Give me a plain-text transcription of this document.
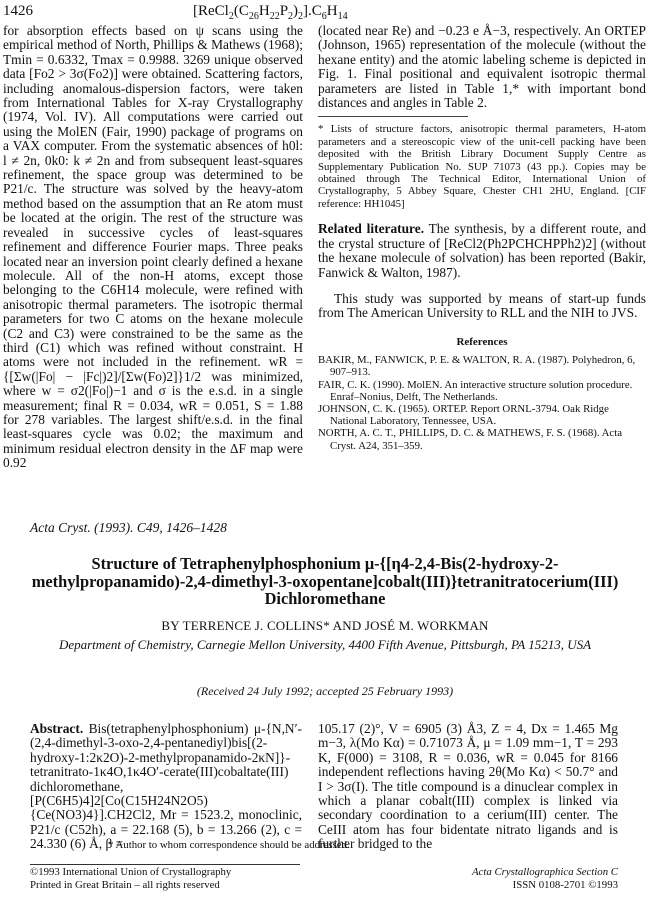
1426	$[ReCl_2(C_{26}H_{22}P_2)_2].C_6H_{14}$

for absorption effects based on ψ scans using the empirical method of North, Phillips & Mathews (1968); Tmin = 0.6332, Tmax = 0.9988. 3269 unique observed data [Fo2 > 3σ(Fo2)] were obtained. Scattering factors, including anomalous-dispersion factors, were taken from International Tables for X-ray Crystallography (1974, Vol. IV). All computations were carried out using the MolEN (Fair, 1990) package of programs on a VAX computer. From the systematic absences of h0l: l ≠ 2n, 0k0: k ≠ 2n and from subsequent least-squares refinement, the space group was determined to be P21/c. The structure was solved by the heavy-atom method based on the assumption that an Re atom must be located at the origin. The rest of the structure was revealed in successive cycles of least-squares refinement and difference Fourier maps. Three peaks located near an inversion point clearly defined a hexane molecule. All of the non-H atoms, except those belonging to the C6H14 molecule, were refined with anisotropic thermal parameters. The isotropic thermal parameters for two C atoms on the hexane molecule (C2 and C3) were constrained to be the same as the third (C1) which was refined without constraint. H atoms were not included in the refinement. wR = {[Σw(|Fo| − |Fc|)2]/[Σw(Fo)2]}1/2 was minimized, where w = σ2(|Fo|)−1 and σ is the e.s.d. in a single measurement; final R = 0.034, wR = 0.051, S = 1.88 for 278 variables. The largest shift/e.s.d. in the final least-squares cycle was 0.02; the maximum and minimum residual electron density in the ΔF map were 0.92

(located near Re) and −0.23 e Å−3, respectively. An ORTEP (Johnson, 1965) representation of the molecule (without the hexane entity) and the atomic labeling scheme is depicted in Fig. 1. Final positional and equivalent isotropic thermal parameters are listed in Table 1,* with important bond distances and angles in Table 2.

* Lists of structure factors, anisotropic thermal parameters, H-atom parameters and a stereoscopic view of the unit-cell packing have been deposited with the British Library Document Supply Centre as Supplementary Publication No. SUP 71073 (43 pp.). Copies may be obtained through The Technical Editor, International Union of Crystallography, 5 Abbey Square, Chester CH1 2HU, England. [CIF reference: HH1045]

Related literature. The synthesis, by a different route, and the crystal structure of [ReCl2(Ph2PCHCHPPh2)2] (without the hexane molecule of solvation) has been reported (Bakir, Fanwick & Walton, 1987).

This study was supported by means of start-up funds from The American University to RLL and the NIH to JVS.

References

BAKIR, M., FANWICK, P. E. & WALTON, R. A. (1987). Polyhedron, 6, 907–913.

FAIR, C. K. (1990). MolEN. An interactive structure solution procedure. Enraf–Nonius, Delft, The Netherlands.

JOHNSON, C. K. (1965). ORTEP. Report ORNL-3794. Oak Ridge National Laboratory, Tennessee, USA.

NORTH, A. C. T., PHILLIPS, D. C. & MATHEWS, F. S. (1968). Acta Cryst. A24, 351–359.

Acta Cryst. (1993). C49, 1426–1428
Structure of Tetraphenylphosphonium μ-{[η4-2,4-Bis(2-hydroxy-2-methylpropanamido)-2,4-dimethyl-3-oxopentane]cobalt(III)}tetranitratocerium(III) Dichloromethane
BY TERRENCE J. COLLINS* AND JOSÉ M. WORKMAN
Department of Chemistry, Carnegie Mellon University, 4400 Fifth Avenue, Pittsburgh, PA 15213, USA
(Received 24 July 1992; accepted 25 February 1993)

Abstract. Bis(tetraphenylphosphonium) μ-{N,N′-(2,4-dimethyl-3-oxo-2,4-pentanediyl)bis[(2-hydroxy-1:2κ2O)-2-methylpropanamido-2κN]}-tetranitrato-1κ4O,1κ4O′-cerate(III)cobaltate(III) dichloromethane, [P(C6H5)4]2[Co(C15H24N2O5){Ce(NO3)4}].CH2Cl2, Mr = 1523.2, monoclinic, P21/c (C52h), a = 22.168 (5), b = 13.266 (2), c = 24.330 (6) Å, β =

105.17 (2)°, V = 6905 (3) Å3, Z = 4, Dx = 1.465 Mg m−3, λ(Mo Kα) = 0.71073 Å, μ = 1.09 mm−1, T = 293 K, F(000) = 3108, R = 0.036, wR = 0.045 for 8166 independent reflections having 2θ(Mo Kα) < 50.7° and I > 3σ(I). The title compound is a dinuclear complex in which a planar cobalt(III) complex is linked via secondary coordination to a cerium(III) center. The CeIII atom has four bidentate nitrato ligands and is further bridged to the

* Author to whom correspondence should be addressed.
©1993 International Union of Crystallography
Printed in Great Britain – all rights reserved
Acta Crystallographica Section C
ISSN 0108-2701 ©1993
